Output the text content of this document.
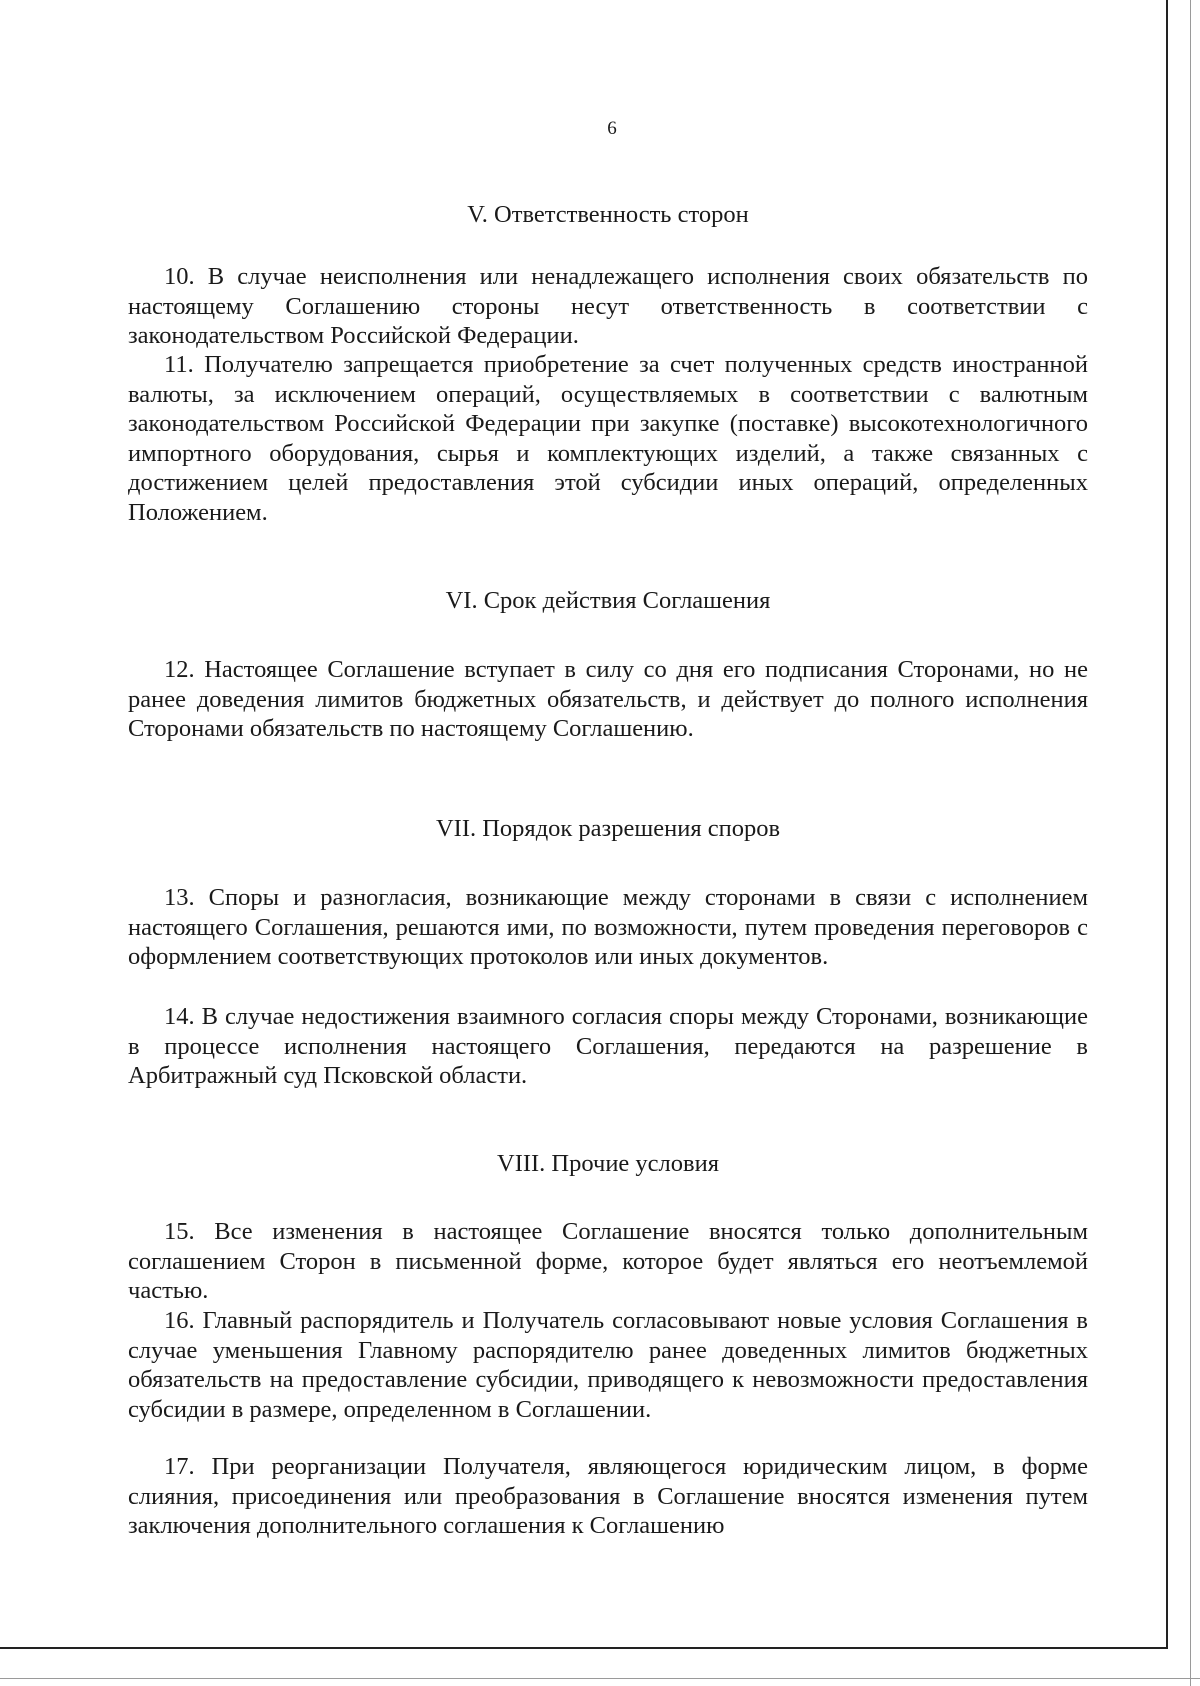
6

V. Ответственность сторон

10. В случае неисполнения или ненадлежащего исполнения своих обязательств по настоящему Соглашению стороны несут ответственность в соответствии с законодательством Российской Федерации.

11. Получателю запрещается приобретение за счет полученных средств иностранной валюты, за исключением операций, осуществляемых в соответствии с валютным законодательством Российской Федерации при закупке (поставке) высокотехнологичного импортного оборудования, сырья и комплектующих изделий, а также связанных с достижением целей предоставления этой субсидии иных операций, определенных Положением.

VI. Срок действия Соглашения

12. Настоящее Соглашение вступает в силу со дня его подписания Сторонами, но не ранее доведения лимитов бюджетных обязательств, и действует до полного исполнения Сторонами обязательств по настоящему Соглашению.

VII. Порядок разрешения споров

13. Споры и разногласия, возникающие между сторонами в связи с исполнением настоящего Соглашения, решаются ими, по возможности, путем проведения переговоров с оформлением соответствующих протоколов или иных документов.

14. В случае недостижения взаимного согласия споры между Сторонами, возникающие в процессе исполнения настоящего Соглашения, передаются на разрешение в Арбитражный суд Псковской области.

VIII. Прочие условия

15. Все изменения в настоящее Соглашение вносятся только дополнительным соглашением Сторон в письменной форме, которое будет являться его неотъемлемой частью.

16. Главный распорядитель и Получатель согласовывают новые условия Соглашения в случае уменьшения Главному распорядителю ранее доведенных лимитов бюджетных обязательств на предоставление субсидии, приводящего к невозможности предоставления субсидии в размере, определенном в Соглашении.

17. При реорганизации Получателя, являющегося юридическим лицом, в форме слияния, присоединения или преобразования в Соглашение вносятся изменения путем заключения дополнительного соглашения к Соглашению
